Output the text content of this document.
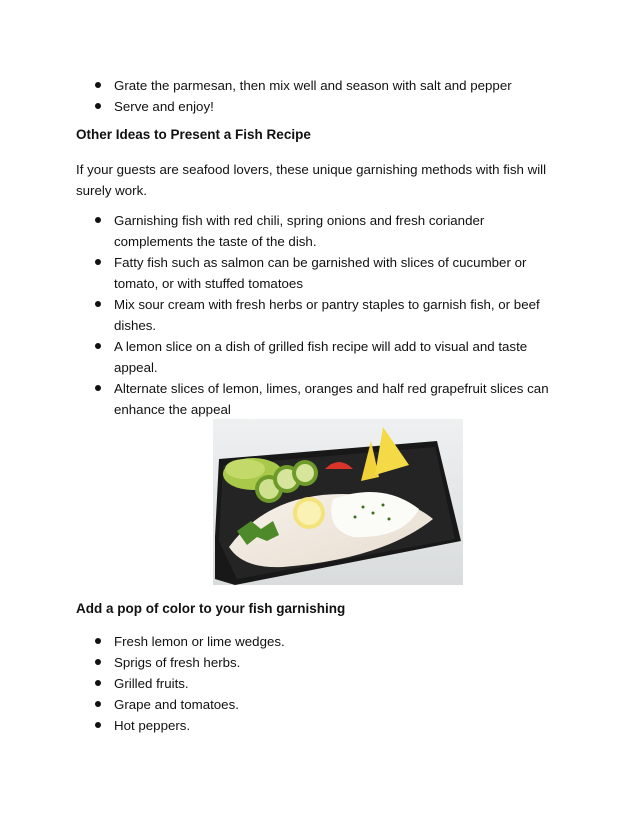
Grate the parmesan, then mix well and season with salt and pepper
Serve and enjoy!
Other Ideas to Present a Fish Recipe
If your guests are seafood lovers, these unique garnishing methods with fish will surely work.
Garnishing fish with red chili, spring onions and fresh coriander complements the taste of the dish.
Fatty fish such as salmon can be garnished with slices of cucumber or tomato, or with stuffed tomatoes
Mix sour cream with fresh herbs or pantry staples to garnish fish, or beef dishes.
A lemon slice on a dish of grilled fish recipe will add to visual and taste appeal.
Alternate slices of lemon, limes, oranges and half red grapefruit slices can enhance the appeal
Add a pop of color to your fish garnishing
Fresh lemon or lime wedges.
Sprigs of fresh herbs.
Grilled fruits.
Grape and tomatoes.
Hot peppers.
